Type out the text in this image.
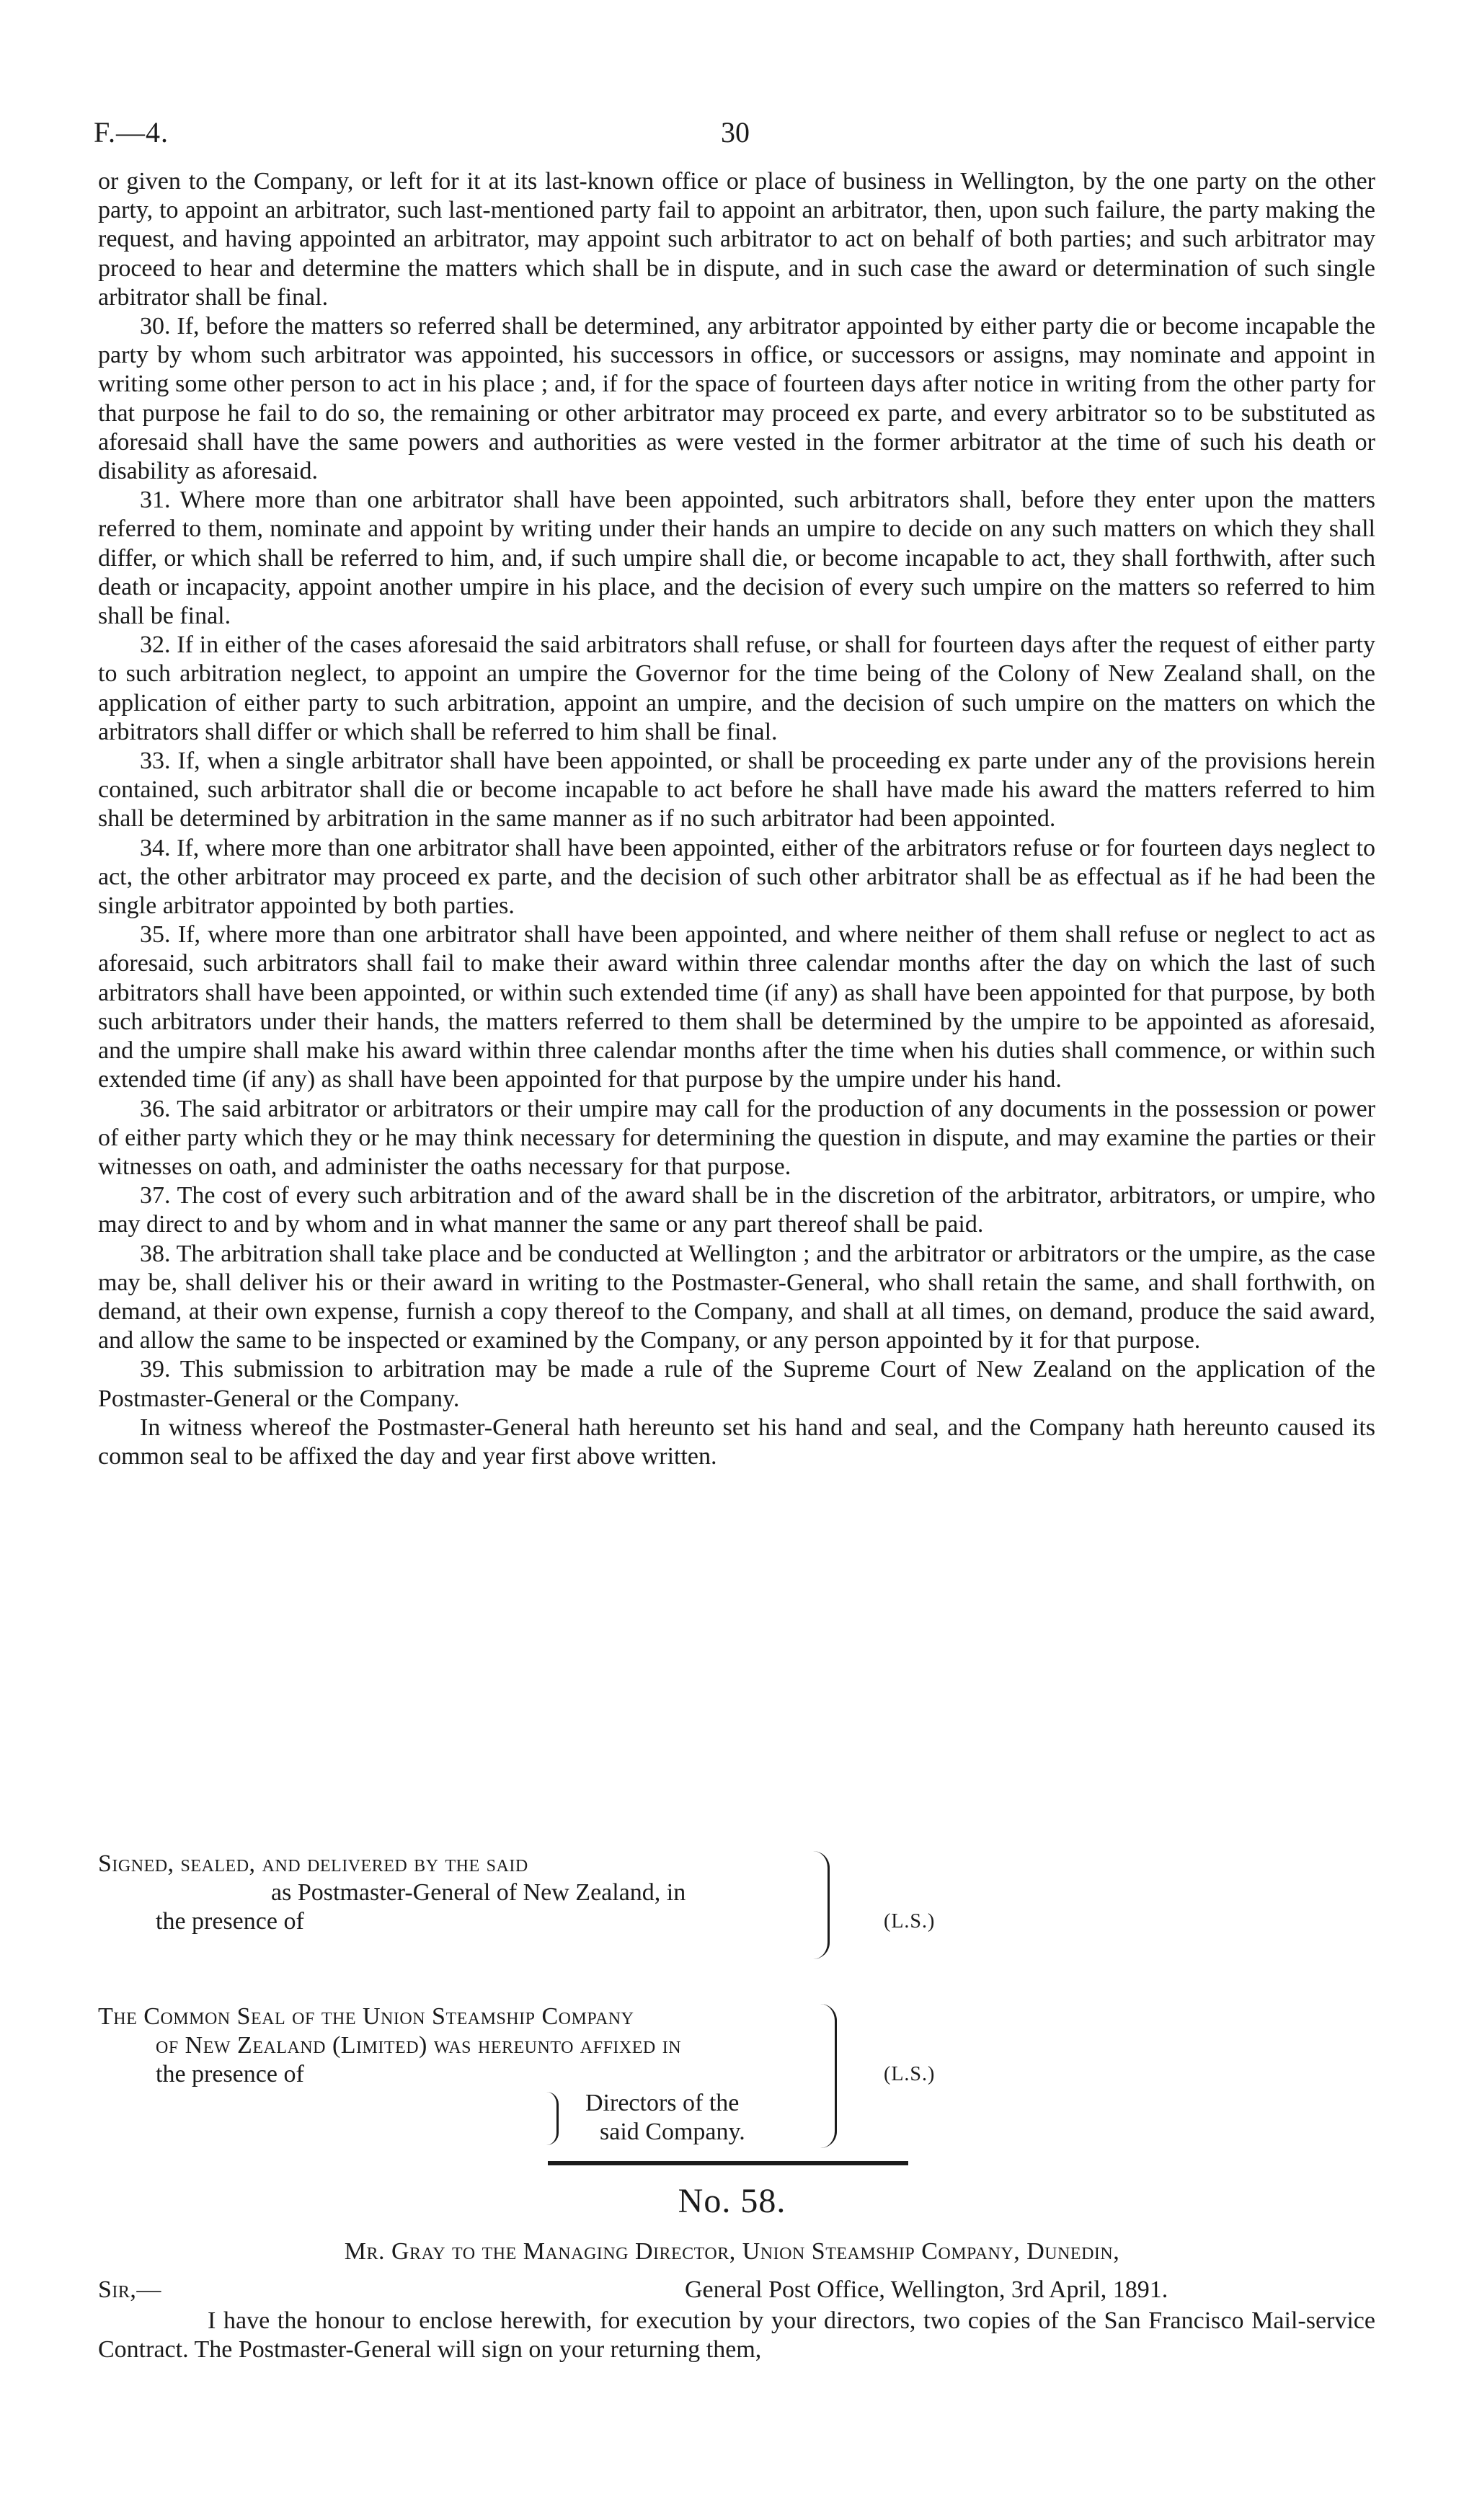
F.—4.	30

or given to the Company, or left for it at its last-known office or place of business in Wellington, by the one party on the other party, to appoint an arbitrator, such last-mentioned party fail to appoint an arbitrator, then, upon such failure, the party making the request, and having appointed an arbitrator, may appoint such arbitrator to act on behalf of both parties; and such arbitrator may proceed to hear and determine the matters which shall be in dispute, and in such case the award or determination of such single arbitrator shall be final.

30. If, before the matters so referred shall be determined, any arbitrator appointed by either party die or become incapable the party by whom such arbitrator was appointed, his successors in office, or successors or assigns, may nominate and appoint in writing some other person to act in his place ; and, if for the space of fourteen days after notice in writing from the other party for that purpose he fail to do so, the remaining or other arbitrator may proceed ex parte, and every arbitrator so to be substituted as aforesaid shall have the same powers and authorities as were vested in the former arbitrator at the time of such his death or disability as aforesaid.

31. Where more than one arbitrator shall have been appointed, such arbitrators shall, before they enter upon the matters referred to them, nominate and appoint by writing under their hands an umpire to decide on any such matters on which they shall differ, or which shall be referred to him, and, if such umpire shall die, or become incapable to act, they shall forthwith, after such death or incapacity, appoint another umpire in his place, and the decision of every such umpire on the matters so referred to him shall be final.

32. If in either of the cases aforesaid the said arbitrators shall refuse, or shall for fourteen days after the request of either party to such arbitration neglect, to appoint an umpire the Governor for the time being of the Colony of New Zealand shall, on the application of either party to such arbitration, appoint an umpire, and the decision of such umpire on the matters on which the arbitrators shall differ or which shall be referred to him shall be final.

33. If, when a single arbitrator shall have been appointed, or shall be proceeding ex parte under any of the provisions herein contained, such arbitrator shall die or become incapable to act before he shall have made his award the matters referred to him shall be determined by arbitration in the same manner as if no such arbitrator had been appointed.

34. If, where more than one arbitrator shall have been appointed, either of the arbitrators refuse or for fourteen days neglect to act, the other arbitrator may proceed ex parte, and the decision of such other arbitrator shall be as effectual as if he had been the single arbitrator appointed by both parties.

35. If, where more than one arbitrator shall have been appointed, and where neither of them shall refuse or neglect to act as aforesaid, such arbitrators shall fail to make their award within three calendar months after the day on which the last of such arbitrators shall have been appointed, or within such extended time (if any) as shall have been appointed for that purpose, by both such arbitrators under their hands, the matters referred to them shall be determined by the umpire to be appointed as aforesaid, and the umpire shall make his award within three calendar months after the time when his duties shall commence, or within such extended time (if any) as shall have been appointed for that purpose by the umpire under his hand.

36. The said arbitrator or arbitrators or their umpire may call for the production of any documents in the possession or power of either party which they or he may think necessary for determining the question in dispute, and may examine the parties or their witnesses on oath, and administer the oaths necessary for that purpose.

37. The cost of every such arbitration and of the award shall be in the discretion of the arbitrator, arbitrators, or umpire, who may direct to and by whom and in what manner the same or any part thereof shall be paid.

38. The arbitration shall take place and be conducted at Wellington ; and the arbitrator or arbitrators or the umpire, as the case may be, shall deliver his or their award in writing to the Postmaster-General, who shall retain the same, and shall forthwith, on demand, at their own expense, furnish a copy thereof to the Company, and shall at all times, on demand, produce the said award, and allow the same to be inspected or examined by the Company, or any person appointed by it for that purpose.

39. This submission to arbitration may be made a rule of the Supreme Court of New Zealand on the application of the Postmaster-General or the Company.

In witness whereof the Postmaster-General hath hereunto set his hand and seal, and the Company hath hereunto caused its common seal to be affixed the day and year first above written.

Signed, sealed, and delivered by the said
as Postmaster-General of New Zealand, in
the presence of	(L.S.)
The Common Seal of the Union Steamship Company
of New Zealand (Limited) was hereunto affixed in
the presence of
Directors of the
said Company.
(L.S.)
No. 58.
Mr. Gray to the Managing Director, Union Steamship Company, Dunedin,
Sir,—	General Post Office, Wellington, 3rd April, 1891.

I have the honour to enclose herewith, for execution by your directors, two copies of the San Francisco Mail-service Contract. The Postmaster-General will sign on your returning them,
